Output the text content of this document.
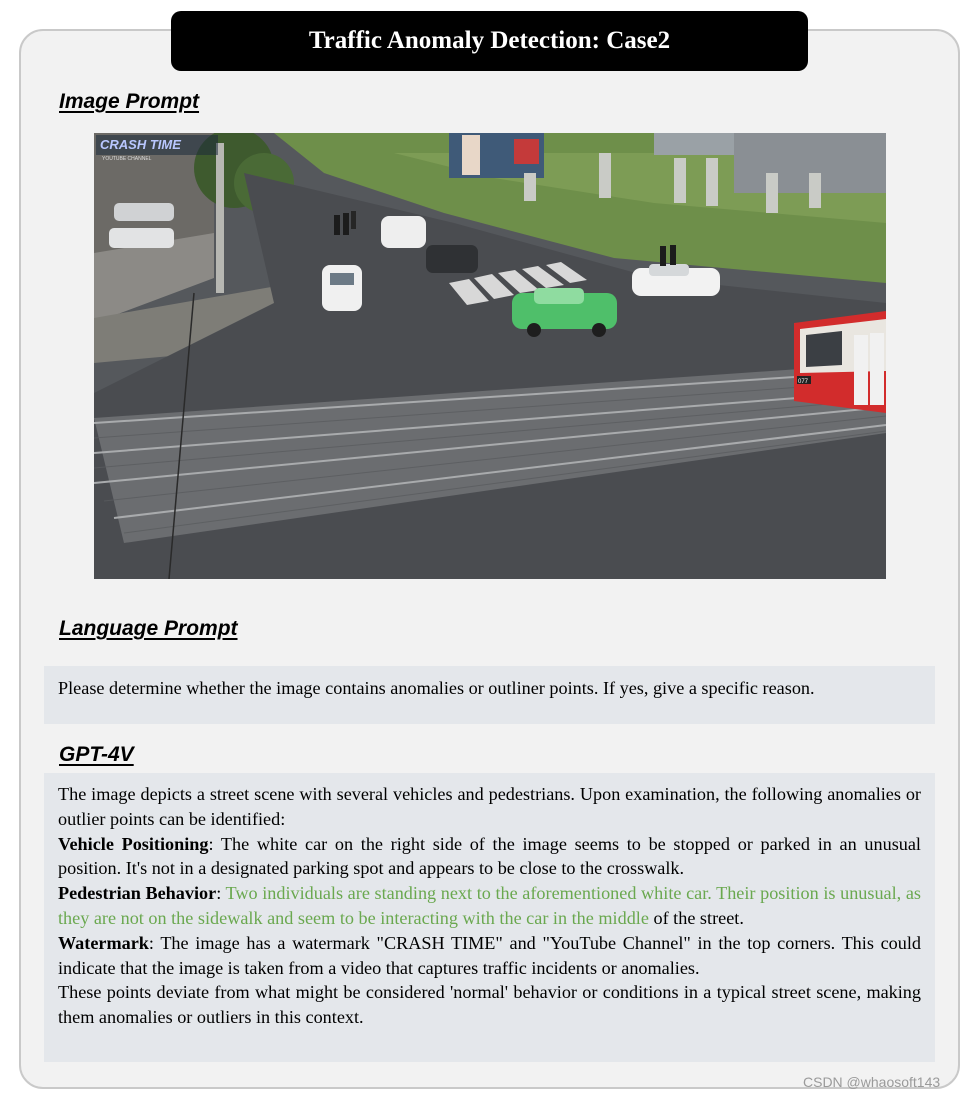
Traffic Anomaly Detection: Case2
Image Prompt
077
CRASH TIME
YOUTUBE CHANNEL
Language Prompt
Please determine whether the image contains anomalies or outliner points. If yes, give a specific reason.
GPT-4V

The image depicts a street scene with several vehicles and pedestrians. Upon examination, the following anomalies or outlier points can be identified:

Vehicle Positioning: The white car on the right side of the image seems to be stopped or parked in an unusual position. It's not in a designated parking spot and appears to be close to the crosswalk.

Pedestrian Behavior: Two individuals are standing next to the aforementioned white car. Their position is unusual, as they are not on the sidewalk and seem to be interacting with the car in the middle of the street.

Watermark: The image has a watermark "CRASH TIME" and "YouTube Channel" in the top corners. This could indicate that the image is taken from a video that captures traffic incidents or anomalies.

These points deviate from what might be considered 'normal' behavior or conditions in a typical street scene, making them anomalies or outliers in this context.

CSDN @whaosoft143
